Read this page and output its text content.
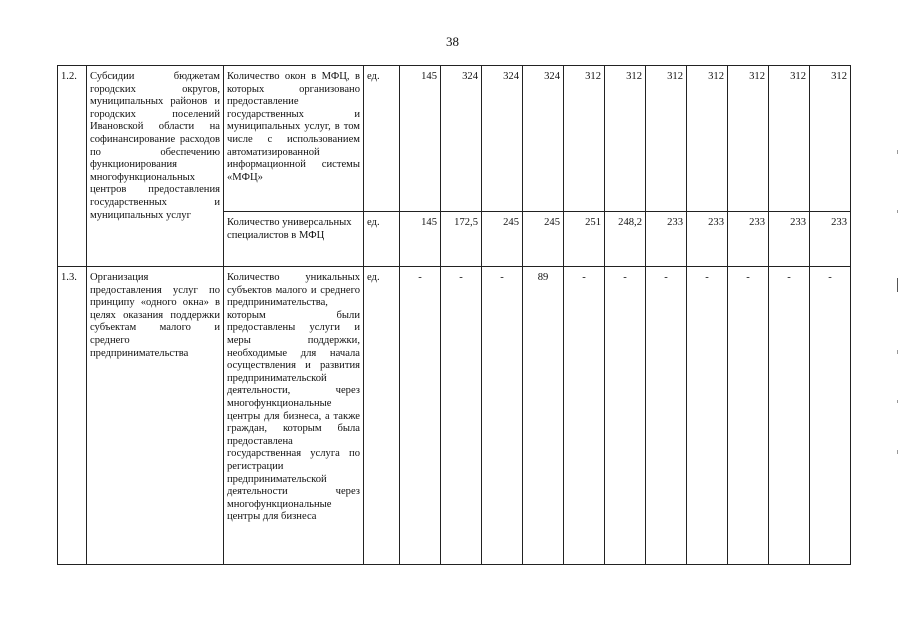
38
1.2.	Субсидии бюджетам городских округов, муниципальных районов и городских поселений Ивановской области на софинансирование расходов по обеспечению функционирования многофункциональных центров предоставления государственных и муниципальных услуг	Количество окон в МФЦ, в которых организовано предоставление государственных и муниципальных услуг, в том числе с использованием автоматизированной информационной системы «МФЦ»	ед.	145	324	324	324	312	312	312	312	312	312	312
		Количество универсальных специалистов в МФЦ	ед.	145	172,5	245	245	251	248,2	233	233	233	233	233
1.3.	Организация предоставления услуг по принципу «одного окна» в целях оказания поддержки субъектам малого и среднего предпринимательства	Количество уникальных субъектов малого и среднего предпринимательства, которым были предоставлены услуги и меры поддержки, необходимые для начала осуществления и развития предпринимательской деятельности, через многофункциональные центры для бизнеса, а также граждан, которым была предоставлена государственная услуга по регистрации предпринимательской деятельности через многофункциональные центры для бизнеса	ед.	-	-	-	89	-	-	-	-	-	-	-
